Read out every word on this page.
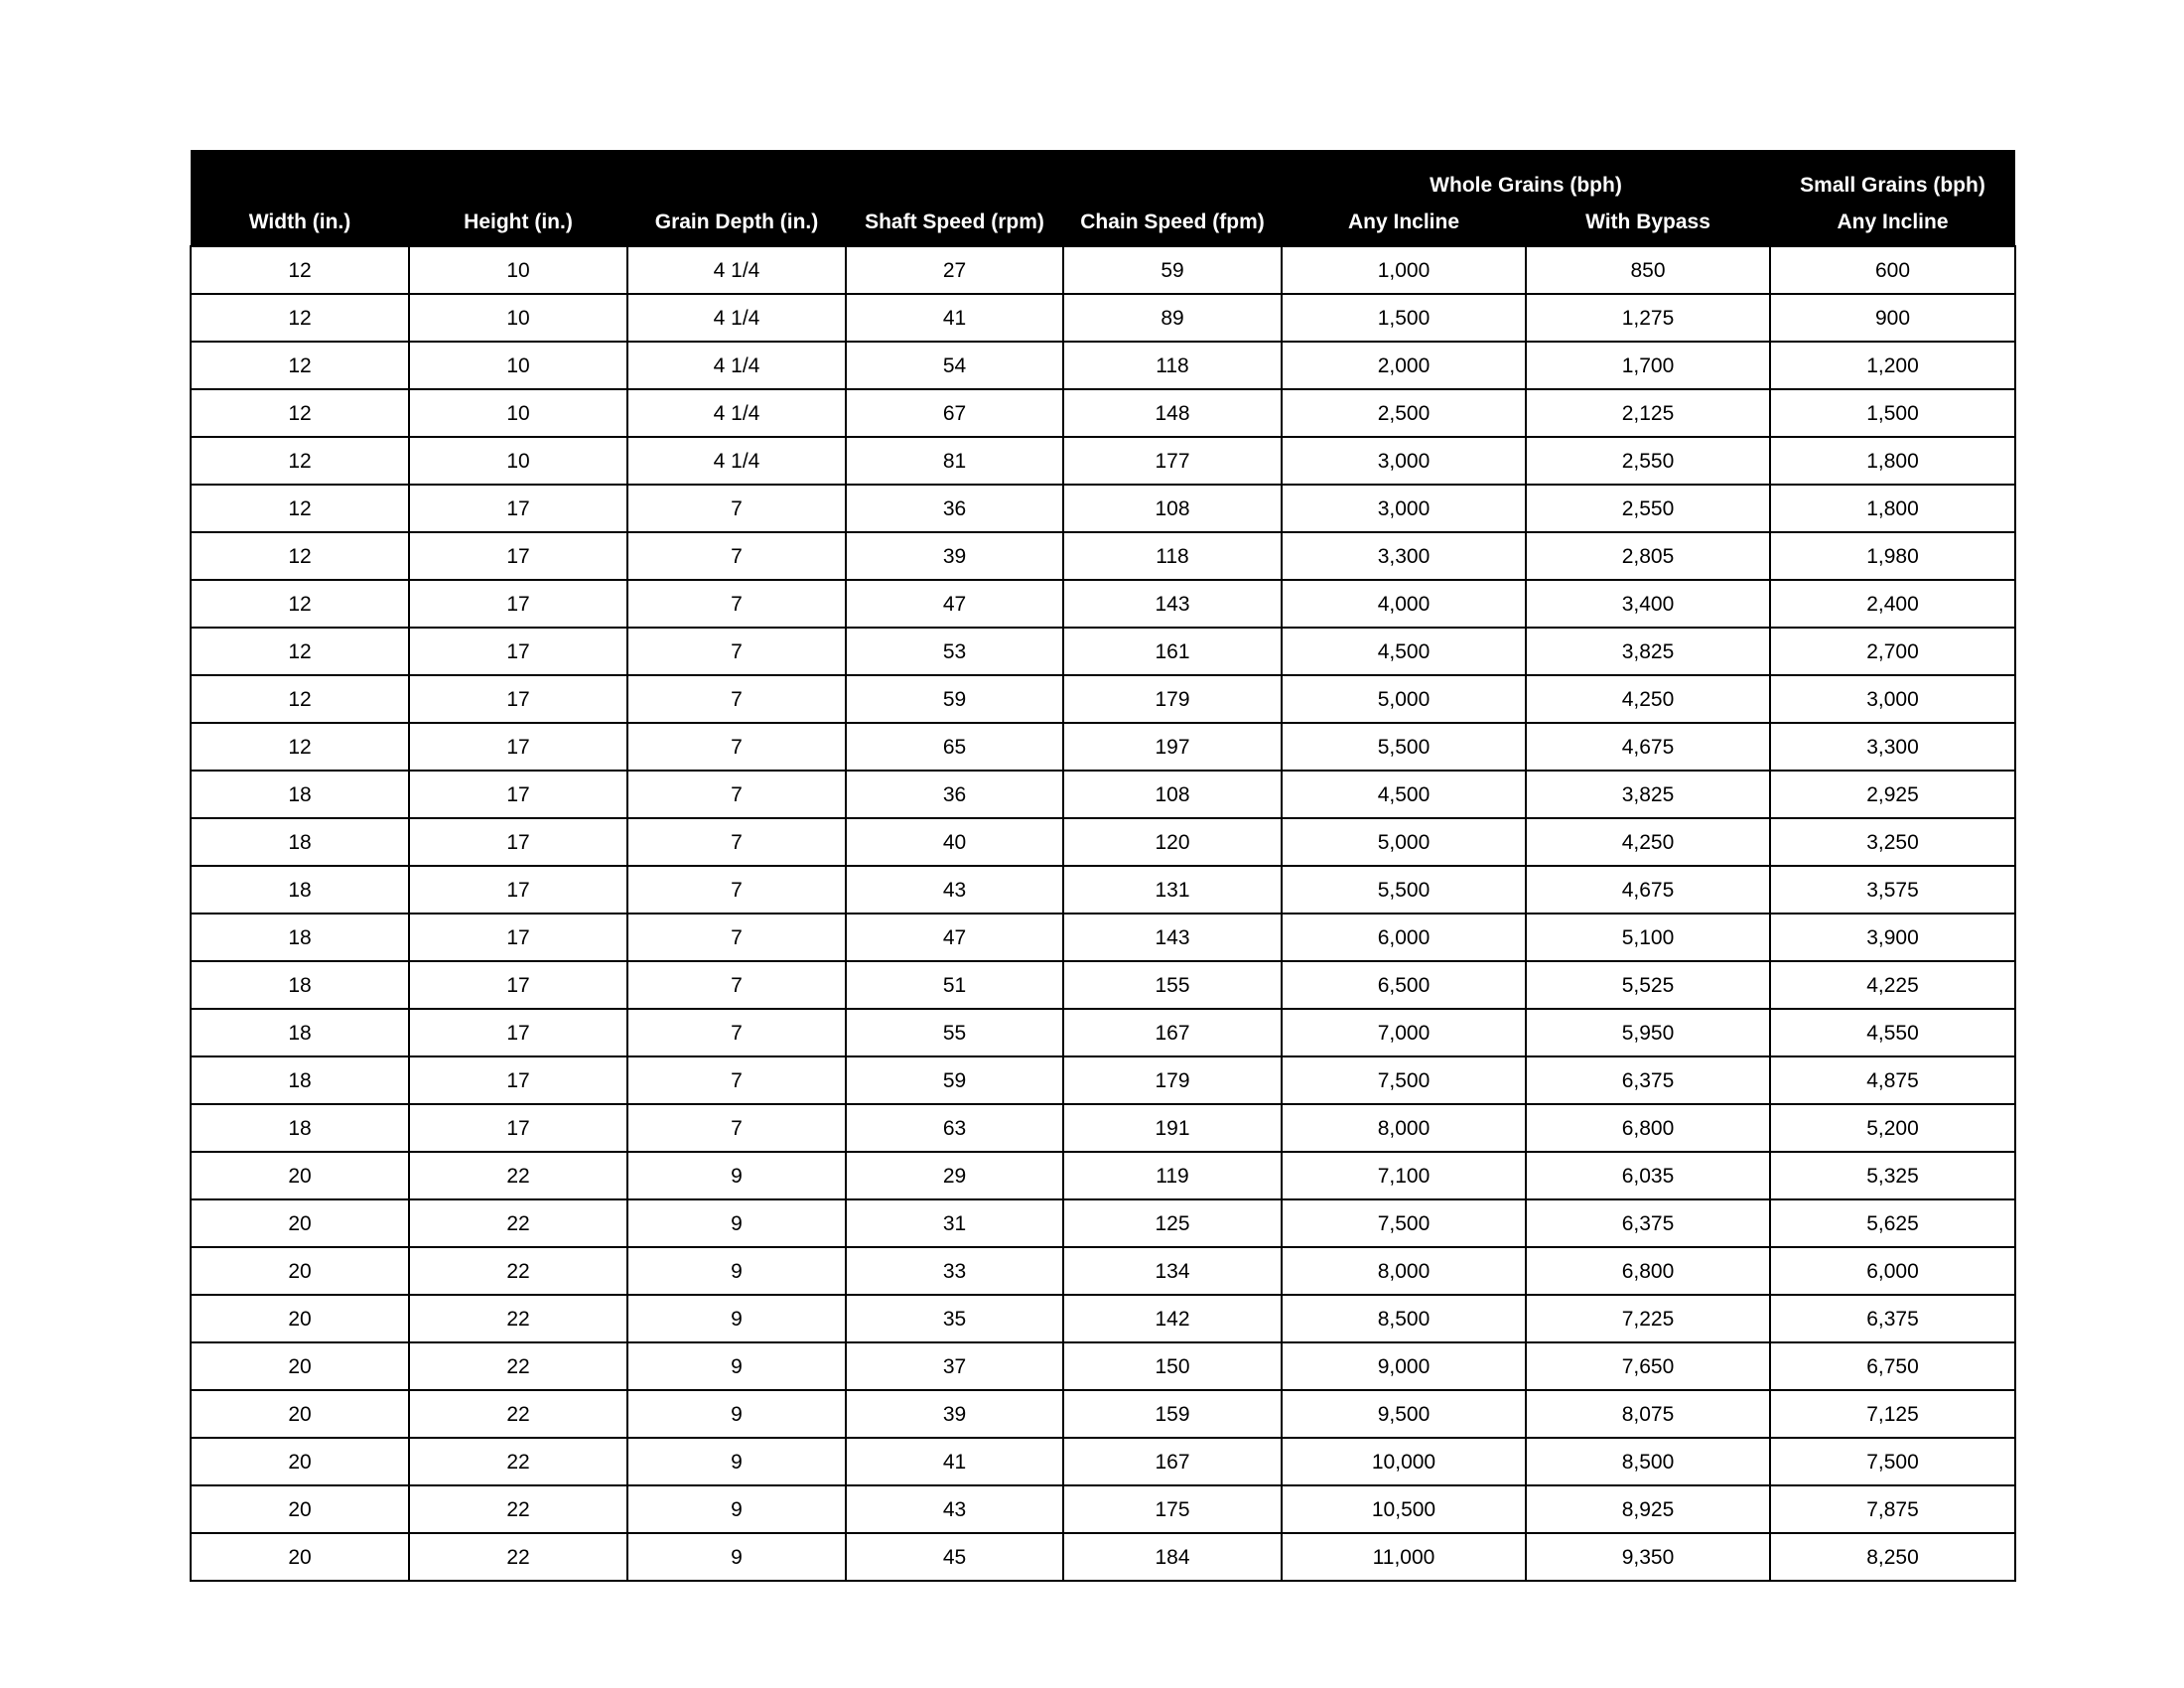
					Whole Grains (bph)		Small Grains (bph)
Width (in.)	Height (in.)	Grain Depth (in.)	Shaft Speed (rpm)	Chain Speed (fpm)	Any Incline	With Bypass	Any Incline
12	10	4 1/4	27	59	1,000	850	600
12	10	4 1/4	41	89	1,500	1,275	900
12	10	4 1/4	54	118	2,000	1,700	1,200
12	10	4 1/4	67	148	2,500	2,125	1,500
12	10	4 1/4	81	177	3,000	2,550	1,800
12	17	7	36	108	3,000	2,550	1,800
12	17	7	39	118	3,300	2,805	1,980
12	17	7	47	143	4,000	3,400	2,400
12	17	7	53	161	4,500	3,825	2,700
12	17	7	59	179	5,000	4,250	3,000
12	17	7	65	197	5,500	4,675	3,300
18	17	7	36	108	4,500	3,825	2,925
18	17	7	40	120	5,000	4,250	3,250
18	17	7	43	131	5,500	4,675	3,575
18	17	7	47	143	6,000	5,100	3,900
18	17	7	51	155	6,500	5,525	4,225
18	17	7	55	167	7,000	5,950	4,550
18	17	7	59	179	7,500	6,375	4,875
18	17	7	63	191	8,000	6,800	5,200
20	22	9	29	119	7,100	6,035	5,325
20	22	9	31	125	7,500	6,375	5,625
20	22	9	33	134	8,000	6,800	6,000
20	22	9	35	142	8,500	7,225	6,375
20	22	9	37	150	9,000	7,650	6,750
20	22	9	39	159	9,500	8,075	7,125
20	22	9	41	167	10,000	8,500	7,500
20	22	9	43	175	10,500	8,925	7,875
20	22	9	45	184	11,000	9,350	8,250
